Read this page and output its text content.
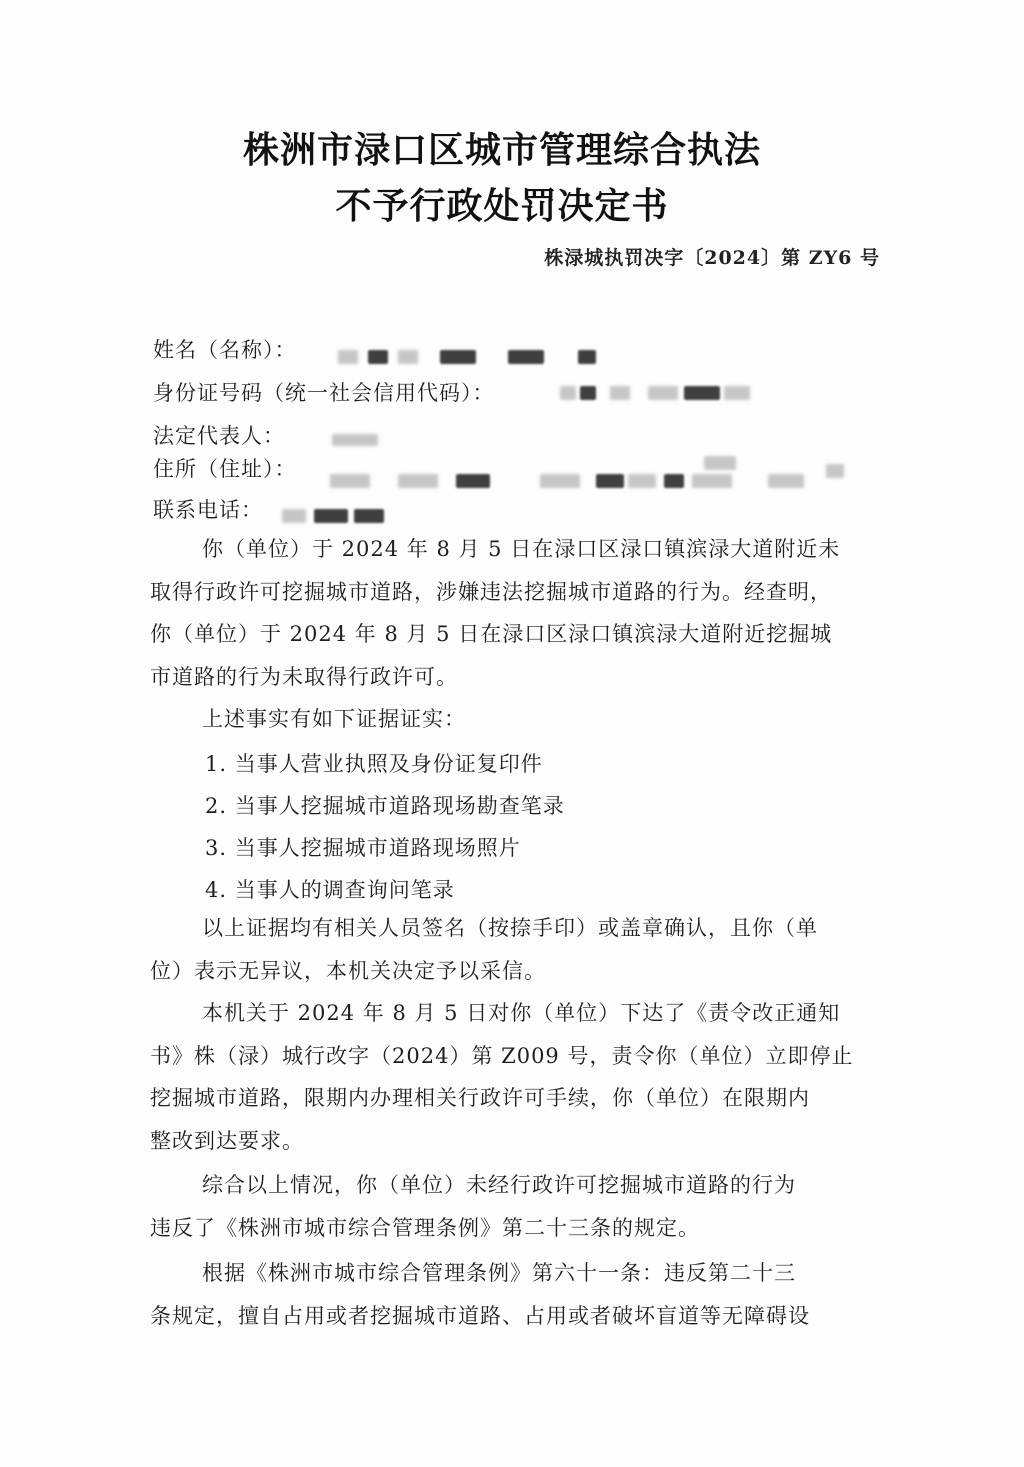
株洲市渌口区城市管理综合执法
不予行政处罚决定书
株渌城执罚决字〔2024〕第 ZY6 号
姓名（名称）：
身份证号码（统一社会信用代码）：
法定代表人：
住所（住址）：
联系电话：
你（单位）于 2024 年 8 月 5 日在渌口区渌口镇滨渌大道附近未
取得行政许可挖掘城市道路，涉嫌违法挖掘城市道路的行为。经查明，
你（单位）于 2024 年 8 月 5 日在渌口区渌口镇滨渌大道附近挖掘城
市道路的行为未取得行政许可。
上述事实有如下证据证实：
1. 当事人营业执照及身份证复印件
2. 当事人挖掘城市道路现场勘查笔录
3. 当事人挖掘城市道路现场照片
4. 当事人的调查询问笔录
以上证据均有相关人员签名（按捺手印）或盖章确认，且你（单
位）表示无异议，本机关决定予以采信。
本机关于 2024 年 8 月 5 日对你（单位）下达了《责令改正通知
书》株（渌）城行改字（2024）第 Z009 号，责令你（单位）立即停止
挖掘城市道路，限期内办理相关行政许可手续，你（单位）在限期内
整改到达要求。
综合以上情况，你（单位）未经行政许可挖掘城市道路的行为
违反了《株洲市城市综合管理条例》第二十三条的规定。
根据《株洲市城市综合管理条例》第六十一条：违反第二十三
条规定，擅自占用或者挖掘城市道路、占用或者破坏盲道等无障碍设
